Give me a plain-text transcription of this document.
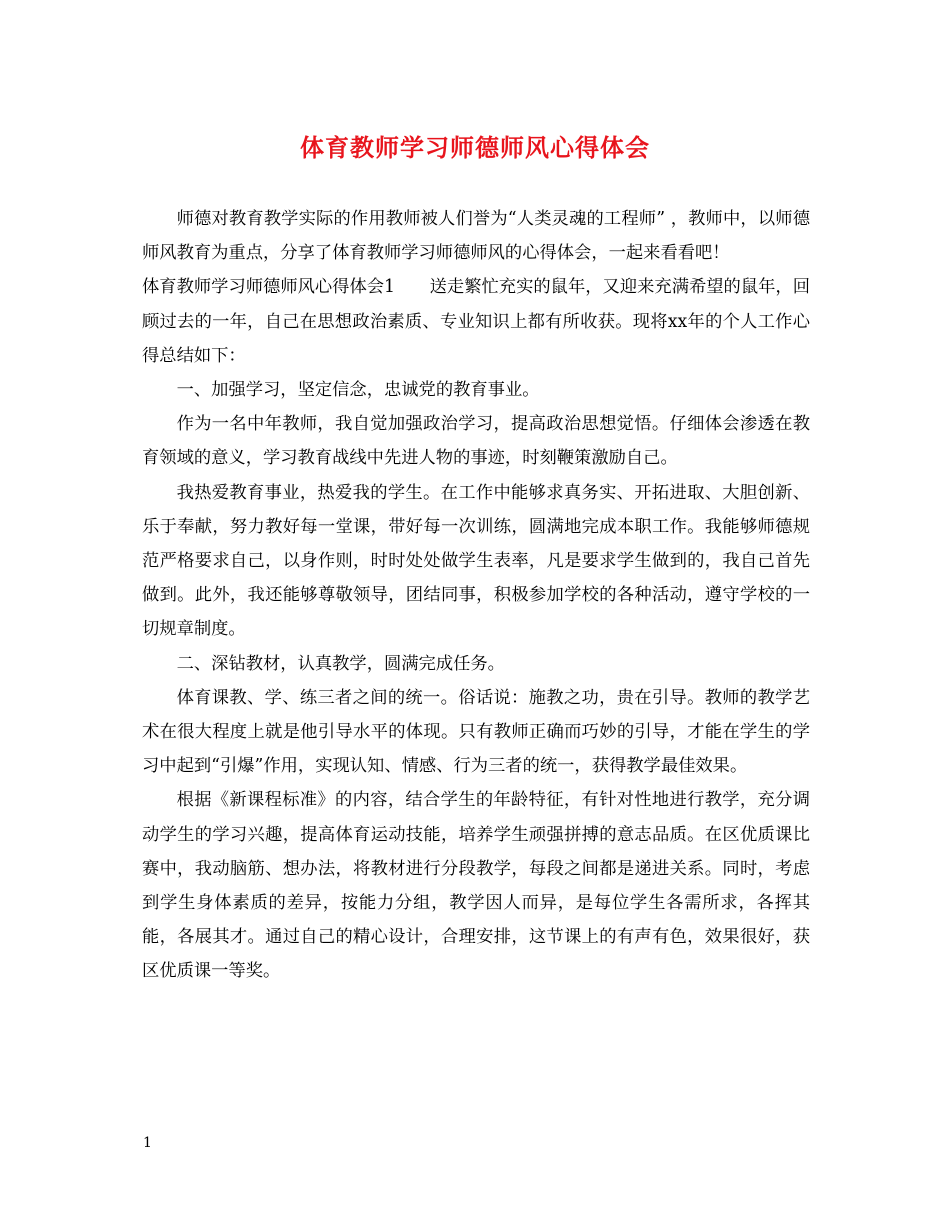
体育教师学习师德师风心得体会

师德对教育教学实际的作用教师被人们誉为“人类灵魂的工程师” ，教师中，以师德师风教育为重点，分享了体育教师学习师德师风的心得体会，一起来看看吧！

体育教师学习师德师风心得体会1　　送走繁忙充实的鼠年，又迎来充满希望的鼠年，回顾过去的一年，自己在思想政治素质、专业知识上都有所收获。现将xx年的个人工作心得总结如下：

一、加强学习，坚定信念，忠诚党的教育事业。

作为一名中年教师，我自觉加强政治学习，提高政治思想觉悟。仔细体会渗透在教育领域的意义，学习教育战线中先进人物的事迹，时刻鞭策激励自己。

我热爱教育事业，热爱我的学生。在工作中能够求真务实、开拓进取、大胆创新、乐于奉献，努力教好每一堂课，带好每一次训练，圆满地完成本职工作。我能够师德规范严格要求自己，以身作则，时时处处做学生表率，凡是要求学生做到的，我自己首先做到。此外，我还能够尊敬领导，团结同事，积极参加学校的各种活动，遵守学校的一切规章制度。

二、深钻教材，认真教学，圆满完成任务。

体育课教、学、练三者之间的统一。俗话说：施教之功，贵在引导。教师的教学艺术在很大程度上就是他引导水平的体现。只有教师正确而巧妙的引导，才能在学生的学习中起到“引爆”作用，实现认知、情感、行为三者的统一，获得教学最佳效果。

根据《新课程标准》的内容，结合学生的年龄特征，有针对性地进行教学，充分调动学生的学习兴趣，提高体育运动技能，培养学生顽强拼搏的意志品质。在区优质课比赛中，我动脑筋、想办法，将教材进行分段教学，每段之间都是递进关系。同时，考虑到学生身体素质的差异，按能力分组，教学因人而异，是每位学生各需所求，各挥其能，各展其才。通过自己的精心设计，合理安排，这节课上的有声有色，效果很好，获区优质课一等奖。

1
